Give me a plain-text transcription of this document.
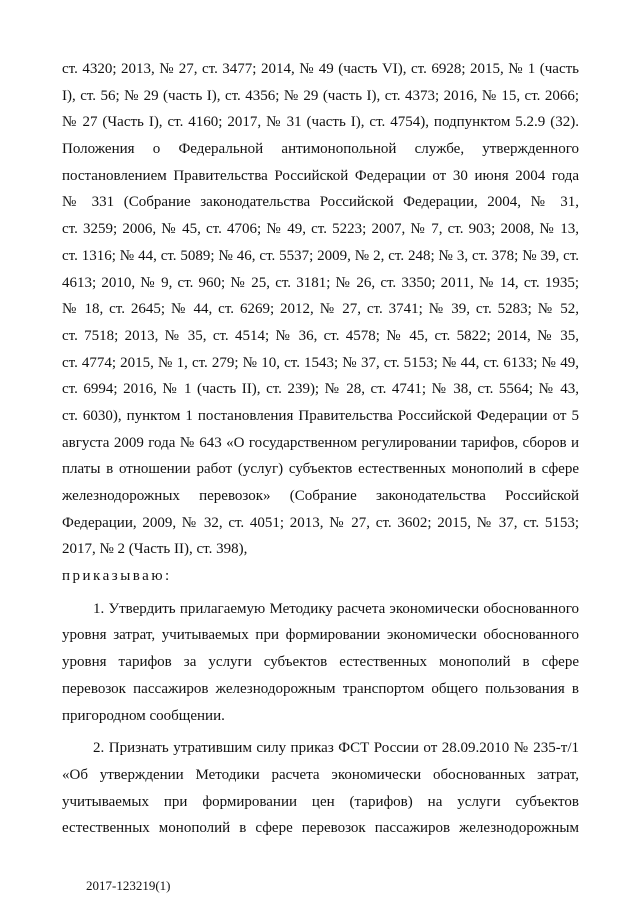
ст. 4320; 2013, № 27, ст. 3477; 2014, № 49 (часть VI), ст. 6928; 2015, № 1 (часть
I), ст. 56; № 29 (часть I), ст. 4356; № 29 (часть I), ст. 4373; 2016, № 15, ст. 2066;
№ 27 (Часть I), ст. 4160; 2017, № 31 (часть I), ст. 4754), подпунктом 5.2.9 (32).
Положения о Федеральной антимонопольной службе, утвержденного
постановлением Правительства Российской Федерации от 30 июня 2004 года
№ 331 (Собрание законодательства Российской Федерации, 2004, № 31,
ст. 3259; 2006, № 45, ст. 4706; № 49, ст. 5223; 2007, № 7, ст. 903; 2008, № 13,
ст. 1316; № 44, ст. 5089; № 46, ст. 5537; 2009, № 2, ст. 248; № 3, ст. 378; № 39, ст.
4613; 2010, № 9, ст. 960; № 25, ст. 3181; № 26, ст. 3350; 2011, № 14, ст. 1935;
№ 18, ст. 2645; № 44, ст. 6269; 2012, № 27, ст. 3741; № 39, ст. 5283; № 52,
ст. 7518; 2013, № 35, ст. 4514; № 36, ст. 4578; № 45, ст. 5822; 2014, № 35,
ст. 4774; 2015, № 1, ст. 279; № 10, ст. 1543; № 37, ст. 5153; № 44, ст. 6133; № 49,
ст. 6994; 2016, № 1 (часть II), ст. 239); № 28, ст. 4741; № 38, ст. 5564; № 43,
ст. 6030), пунктом 1 постановления Правительства Российской Федерации от 5
августа 2009 года № 643 «О государственном регулировании тарифов, сборов и
платы в отношении работ (услуг) субъектов естественных монополий в сфере
железнодорожных перевозок» (Собрание законодательства Российской
Федерации, 2009, № 32, ст. 4051; 2013, № 27, ст. 3602; 2015, № 37, ст. 5153;
2017, № 2 (Часть II), ст. 398),
приказываю:
1. Утвердить прилагаемую Методику расчета экономически обоснованного
уровня затрат, учитываемых при формировании экономически обоснованного
уровня тарифов за услуги субъектов естественных монополий в сфере
перевозок пассажиров железнодорожным транспортом общего пользования в
пригородном сообщении.
2. Признать утратившим силу приказ ФСТ России от 28.09.2010 № 235-т/1
«Об утверждении Методики расчета экономически обоснованных затрат,
учитываемых при формировании цен (тарифов) на услуги субъектов
естественных монополий в сфере перевозок пассажиров железнодорожным
2017-123219(1)
